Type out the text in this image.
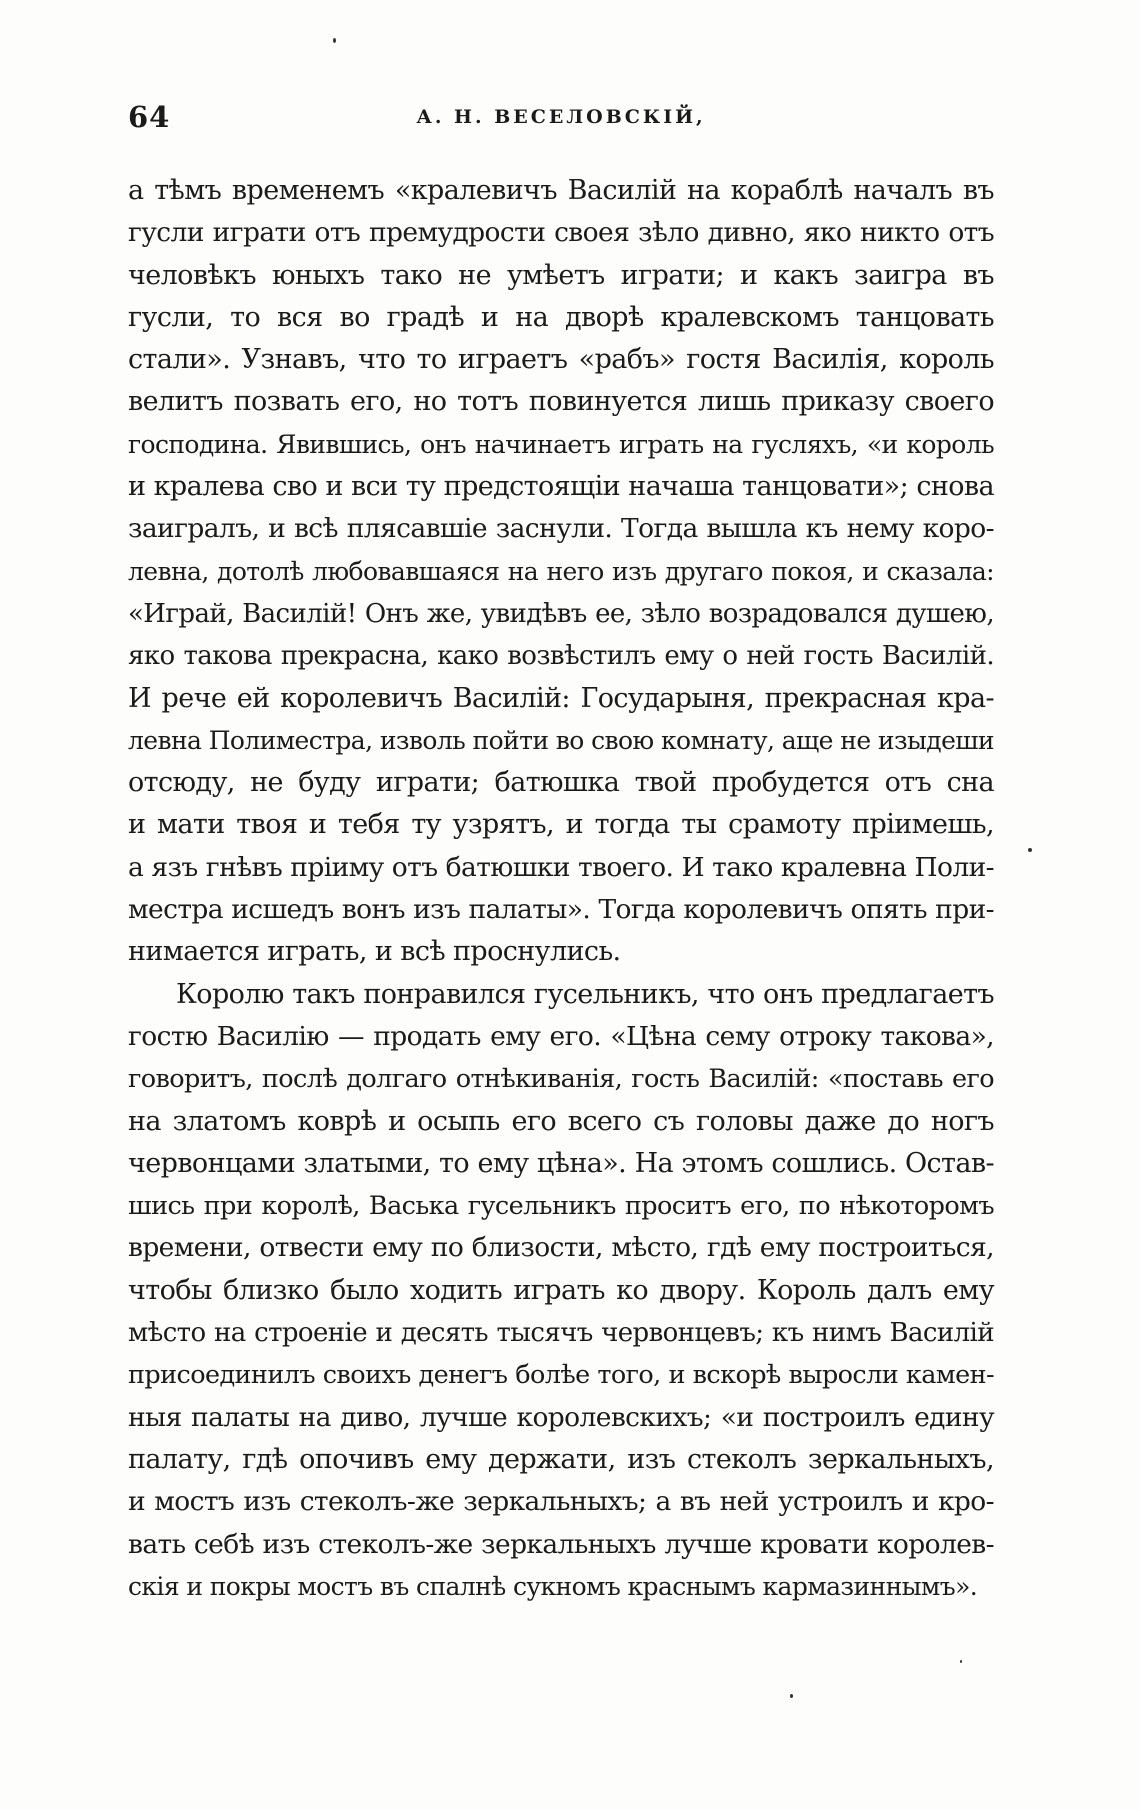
64	А. Н. ВЕСЕЛОВСКІЙ,
а тѣмъ временемъ «кралевичъ Василій на кораблѣ началъ въ
гусли играти отъ премудрости своея зѣло дивно, яко никто отъ
человѣкъ юныхъ тако не умѣетъ играти; и какъ заигра въ
гусли, то вся во градѣ и на дворѣ кралевскомъ танцовать
стали». Узнавъ, что то играетъ «рабъ» гостя Василія, король
велитъ позвать его, но тотъ повинуется лишь приказу своего
господина. Явившись, онъ начинаетъ играть на гусляхъ, «и король
и кралева сво и вси ту предстоящіи начаша танцовати»; снова
заигралъ, и всѣ плясавшіе заснули. Тогда вышла къ нему коро-
левна, дотолѣ любовавшаяся на него изъ другаго покоя, и сказала:
«Играй, Василій! Онъ же, увидѣвъ ее, зѣло возрадовался душею,
яко такова прекрасна, како возвѣстилъ ему о ней гость Василій.
И рече ей королевичъ Василій: Государыня, прекрасная кра-
левна Полиместра, изволь пойти во свою комнату, аще не изыдеши
отсюду, не буду играти; батюшка твой пробудется отъ сна
и мати твоя и тебя ту узрятъ, и тогда ты срамоту пріимешь,
а язъ гнѣвъ пріиму отъ батюшки твоего. И тако кралевна Поли-
местра исшедъ вонъ изъ палаты». Тогда королевичъ опять при-
нимается играть, и всѣ проснулись.
Королю такъ понравился гусельникъ, что онъ предлагаетъ
гостю Василію — продать ему его. «Цѣна сему отроку такова»,
говоритъ, послѣ долгаго отнѣкиванія, гость Василій: «поставь его
на златомъ коврѣ и осыпь его всего съ головы даже до ногъ
червонцами златыми, то ему цѣна». На этомъ сошлись. Остав-
шись при королѣ, Васька гусельникъ проситъ его, по нѣкоторомъ
времени, отвести ему по близости, мѣсто, гдѣ ему построиться,
чтобы близко было ходить играть ко двору. Король далъ ему
мѣсто на строеніе и десять тысячъ червонцевъ; къ нимъ Василій
присоединилъ своихъ денегъ болѣе того, и вскорѣ выросли камен-
ныя палаты на диво, лучше королевскихъ; «и построилъ едину
палату, гдѣ опочивъ ему держати, изъ стеколъ зеркальныхъ,
и мостъ изъ стеколъ-же зеркальныхъ; а въ ней устроилъ и кро-
вать себѣ изъ стеколъ-же зеркальныхъ лучше кровати королев-
скія и покры мостъ въ спалнѣ сукномъ краснымъ кармазиннымъ».
